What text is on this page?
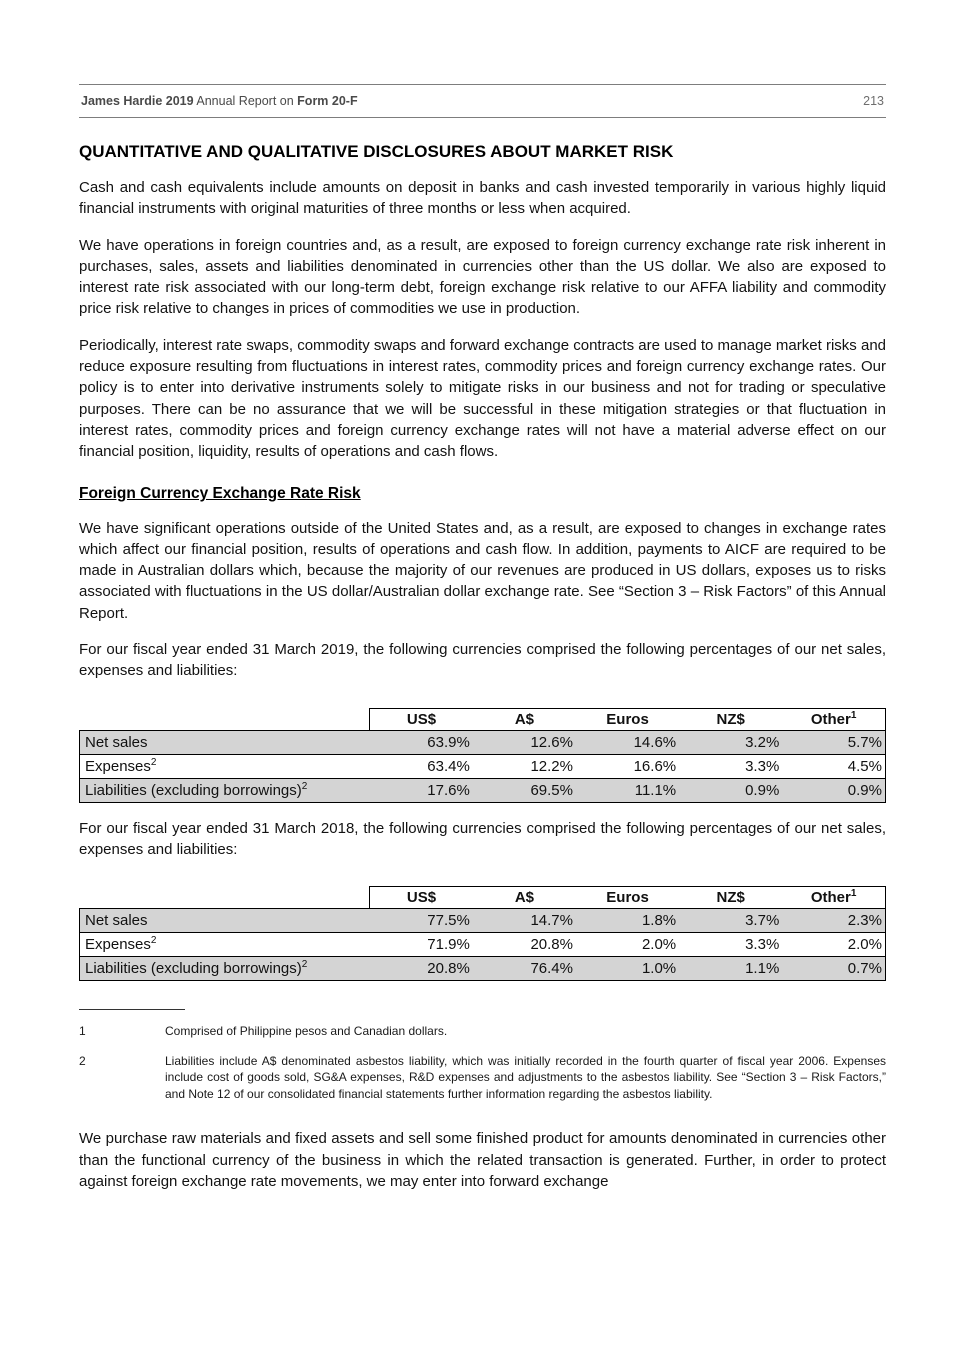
James Hardie 2019 Annual Report on Form 20-F	213
QUANTITATIVE AND QUALITATIVE DISCLOSURES ABOUT MARKET RISK

Cash and cash equivalents include amounts on deposit in banks and cash invested temporarily in various highly liquid financial instruments with original maturities of three months or less when acquired.

We have operations in foreign countries and, as a result, are exposed to foreign currency exchange rate risk inherent in purchases, sales, assets and liabilities denominated in currencies other than the US dollar. We also are exposed to interest rate risk associated with our long-term debt, foreign exchange risk relative to our AFFA liability and commodity price risk relative to changes in prices of commodities we use in production.

Periodically, interest rate swaps, commodity swaps and forward exchange contracts are used to manage market risks and reduce exposure resulting from fluctuations in interest rates, commodity prices and foreign currency exchange rates. Our policy is to enter into derivative instruments solely to mitigate risks in our business and not for trading or speculative purposes. There can be no assurance that we will be successful in these mitigation strategies or that fluctuation in interest rates, commodity prices and foreign currency exchange rates will not have a material adverse effect on our financial position, liquidity, results of operations and cash flows.

Foreign Currency Exchange Rate Risk

We have significant operations outside of the United States and, as a result, are exposed to changes in exchange rates which affect our financial position, results of operations and cash flow. In addition, payments to AICF are required to be made in Australian dollars which, because the majority of our revenues are produced in US dollars, exposes us to risks associated with fluctuations in the US dollar/Australian dollar exchange rate. See “Section 3 – Risk Factors” of this Annual Report.

For our fiscal year ended 31 March 2019, the following currencies comprised the following percentages of our net sales, expenses and liabilities:

	US$	A$	Euros	NZ$	Other$^1$
Net sales	63.9%	12.6%	14.6%	3.2%	5.7%
Expenses$^2$	63.4%	12.2%	16.6%	3.3%	4.5%
Liabilities (excluding borrowings)$^2$	17.6%	69.5%	11.1%	0.9%	0.9%

For our fiscal year ended 31 March 2018, the following currencies comprised the following percentages of our net sales, expenses and liabilities:

	US$	A$	Euros	NZ$	Other$^1$
Net sales	77.5%	14.7%	1.8%	3.7%	2.3%
Expenses$^2$	71.9%	20.8%	2.0%	3.3%	2.0%
Liabilities (excluding borrowings)$^2$	20.8%	76.4%	1.0%	1.1%	0.7%
1	Comprised of Philippine pesos and Canadian dollars.
2	Liabilities include A$ denominated asbestos liability, which was initially recorded in the fourth quarter of fiscal year 2006. Expenses include cost of goods sold, SG&A expenses, R&D expenses and adjustments to the asbestos liability. See “Section 3 – Risk Factors,” and Note 12 of our consolidated financial statements further information regarding the asbestos liability.

We purchase raw materials and fixed assets and sell some finished product for amounts denominated in currencies other than the functional currency of the business in which the related transaction is generated. Further, in order to protect against foreign exchange rate movements, we may enter into forward exchange
